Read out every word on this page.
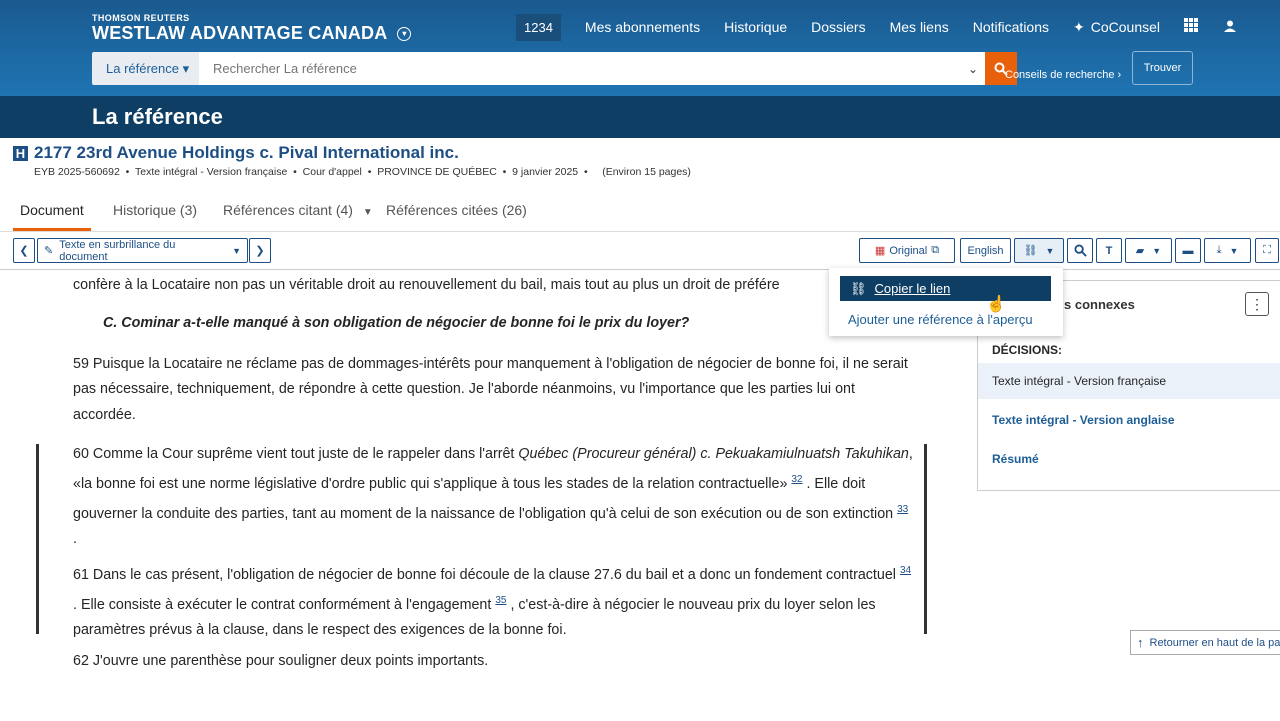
THOMSON REUTERS
WESTLAW ADVANTAGE CANADA	▾	1234	Mes abonnements Historique Dossiers Mes liens Notifications ✦ CoCounsel
La référence ▾
Rechercher La référence	⌄	Conseils de recherche ›
Trouver
La référence
H 2177 23rd Avenue Holdings c. Pival International inc.
EYB 2025-560692  •  Texte intégral - Version française  •  Cour d'appel  •  PROVINCE DE QUÉBEC  •  9 janvier 2025  •     (Environ 15 pages)
Document Historique (3) Références citant (4) ▼ Références citées (26)
❮	✎
Texte en surbrillance du document	▼	❯	▦ Original ⧉	English	⛓ ▼	T	▰ ▼	▬	⤓ ▼	⛶
confère à la Locataire non pas un véritable droit au renouvellement du bail, mais tout au plus un droit de préfére
C. Cominar a-t-elle manqué à son obligation de négocier de bonne foi le prix du loyer?
59 Puisque la Locataire ne réclame pas de dommages-intérêts pour manquement à l'obligation de négocier de bonne foi, il ne serait pas nécessaire, techniquement, de répondre à cette question. Je l'aborde néanmoins, vu l'importance que les parties lui ont accordée.
60 Comme la Cour suprême vient tout juste de le rappeler dans l'arrêt Québec (Procureur général) c. Pekuakamiulnuatsh Takuhikan, «la bonne foi est une norme législative d'ordre public qui s'applique à tous les stades de la relation contractuelle» $^{32}$ . Elle doit gouverner la conduite des parties, tant au moment de la naissance de l'obligation qu'à celui de son exécution ou de son extinction $^{33}$ .
61 Dans le cas présent, l'obligation de négocier de bonne foi découle de la clause 27.6 du bail et a donc un fondement contractuel $^{34}$ . Elle consiste à exécuter le contrat conformément à l'engagement $^{35}$ , c'est-à-dire à négocier le nouveau prix du loyer selon les paramètres prévus à la clause, dans le respect des exigences de la bonne foi.
62 J'ouvre une parenthèse pour souligner deux points importants.
s connexes
DÉCISIONS:
Texte intégral - Version française
Texte intégral - Version anglaise
Résumé
⋮
⛓ Copier le lien
Ajouter une référence à l'aperçu
☝
↑ Retourner en haut de la pa
